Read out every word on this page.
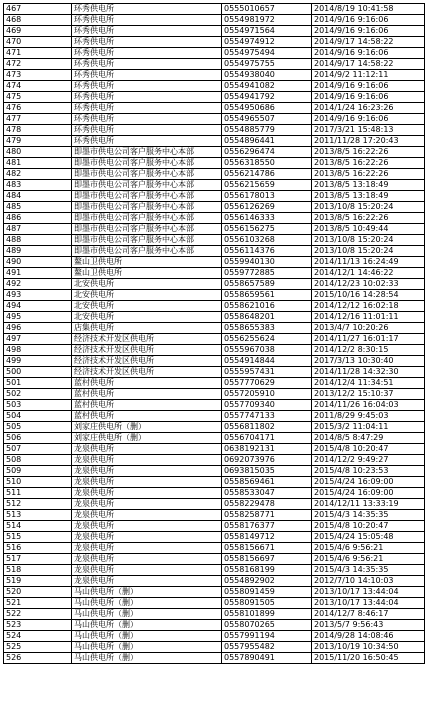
467	环秀供电所	0555010657	2014/8/19 10:41:58
468	环秀供电所	0554981972	2014/9/16 9:16:06
469	环秀供电所	0554971564	2014/9/16 9:16:06
470	环秀供电所	0554974912	2014/9/17 14:58:22
471	环秀供电所	0554975494	2014/9/16 9:16:06
472	环秀供电所	0554975755	2014/9/17 14:58:22
473	环秀供电所	0554938040	2014/9/2 11:12:11
474	环秀供电所	0554941082	2014/9/16 9:16:06
475	环秀供电所	0554941792	2014/9/16 9:16:06
476	环秀供电所	0554950686	2014/1/24 16:23:26
477	环秀供电所	0554965507	2014/9/16 9:16:06
478	环秀供电所	0554885779	2017/3/21 15:48:13
479	环秀供电所	0554896441	2011/11/28 17:20:43
480	即墨市供电公司客户服务中心本部	0556296474	2013/8/5 16:22:26
481	即墨市供电公司客户服务中心本部	0556318550	2013/8/5 16:22:26
482	即墨市供电公司客户服务中心本部	0556214786	2013/8/5 16:22:26
483	即墨市供电公司客户服务中心本部	0556215659	2013/8/5 13:18:49
484	即墨市供电公司客户服务中心本部	0556178013	2013/8/5 13:18:49
485	即墨市供电公司客户服务中心本部	0556126269	2013/10/8 15:20:24
486	即墨市供电公司客户服务中心本部	0556146333	2013/8/5 16:22:26
487	即墨市供电公司客户服务中心本部	0556156275	2013/8/5 10:49:44
488	即墨市供电公司客户服务中心本部	0556103268	2013/10/8 15:20:24
489	即墨市供电公司客户服务中心本部	0556114376	2013/10/8 15:20:24
490	鳌山卫供电所	0559940130	2014/11/13 16:24:49
491	鳌山卫供电所	0559772885	2014/12/1 14:46:22
492	北安供电所	0558657589	2014/12/23 10:02:33
493	北安供电所	0558659561	2015/10/16 14:28:54
494	北安供电所	0558621016	2014/12/12 16:02:18
495	北安供电所	0558648201	2014/12/16 11:01:11
496	店集供电所	0558655383	2013/4/7 10:20:26
497	经济技术开发区供电所	0556255624	2014/11/27 16:01:17
498	经济技术开发区供电所	0555967038	2014/12/2 8:30:15
499	经济技术开发区供电所	0554914844	2017/3/13 10:30:40
500	经济技术开发区供电所	0555957431	2014/11/28 14:32:30
501	蓝村供电所	0557770629	2014/12/4 11:34:51
502	蓝村供电所	0557205910	2013/12/2 15:10:37
503	蓝村供电所	0557709340	2014/11/26 16:04:03
504	蓝村供电所	0557747133	2011/8/29 9:45:03
505	刘家庄供电所（删）	0556811802	2015/3/2 11:04:11
506	刘家庄供电所（删）	0556704171	2014/8/5 8:47:29
507	龙泉供电所	0638192131	2015/4/8 10:20:47
508	龙泉供电所	0692073976	2014/12/2 9:49:27
509	龙泉供电所	0693815035	2015/4/8 10:23:53
510	龙泉供电所	0558569461	2015/4/24 16:09:00
511	龙泉供电所	0558533047	2015/4/24 16:09:00
512	龙泉供电所	0558229478	2014/12/11 13:33:19
513	龙泉供电所	0558258771	2015/4/3 14:35:35
514	龙泉供电所	0558176377	2015/4/8 10:20:47
515	龙泉供电所	0558149712	2015/4/24 15:05:48
516	龙泉供电所	0558156671	2015/4/6 9:56:21
517	龙泉供电所	0558156697	2015/4/6 9:56:21
518	龙泉供电所	0558168199	2015/4/3 14:35:35
519	龙泉供电所	0554892902	2012/7/10 14:10:03
520	马山供电所（删）	0558091459	2013/10/17 13:44:04
521	马山供电所（删）	0558091505	2013/10/17 13:44:04
522	马山供电所（删）	0558101899	2014/12/7 8:46:17
523	马山供电所（删）	0558070265	2013/5/7 9:56:43
524	马山供电所（删）	0557991194	2014/9/28 14:08:46
525	马山供电所（删）	0557955482	2013/10/19 10:34:50
526	马山供电所（删）	0557890491	2015/11/20 16:50:45
